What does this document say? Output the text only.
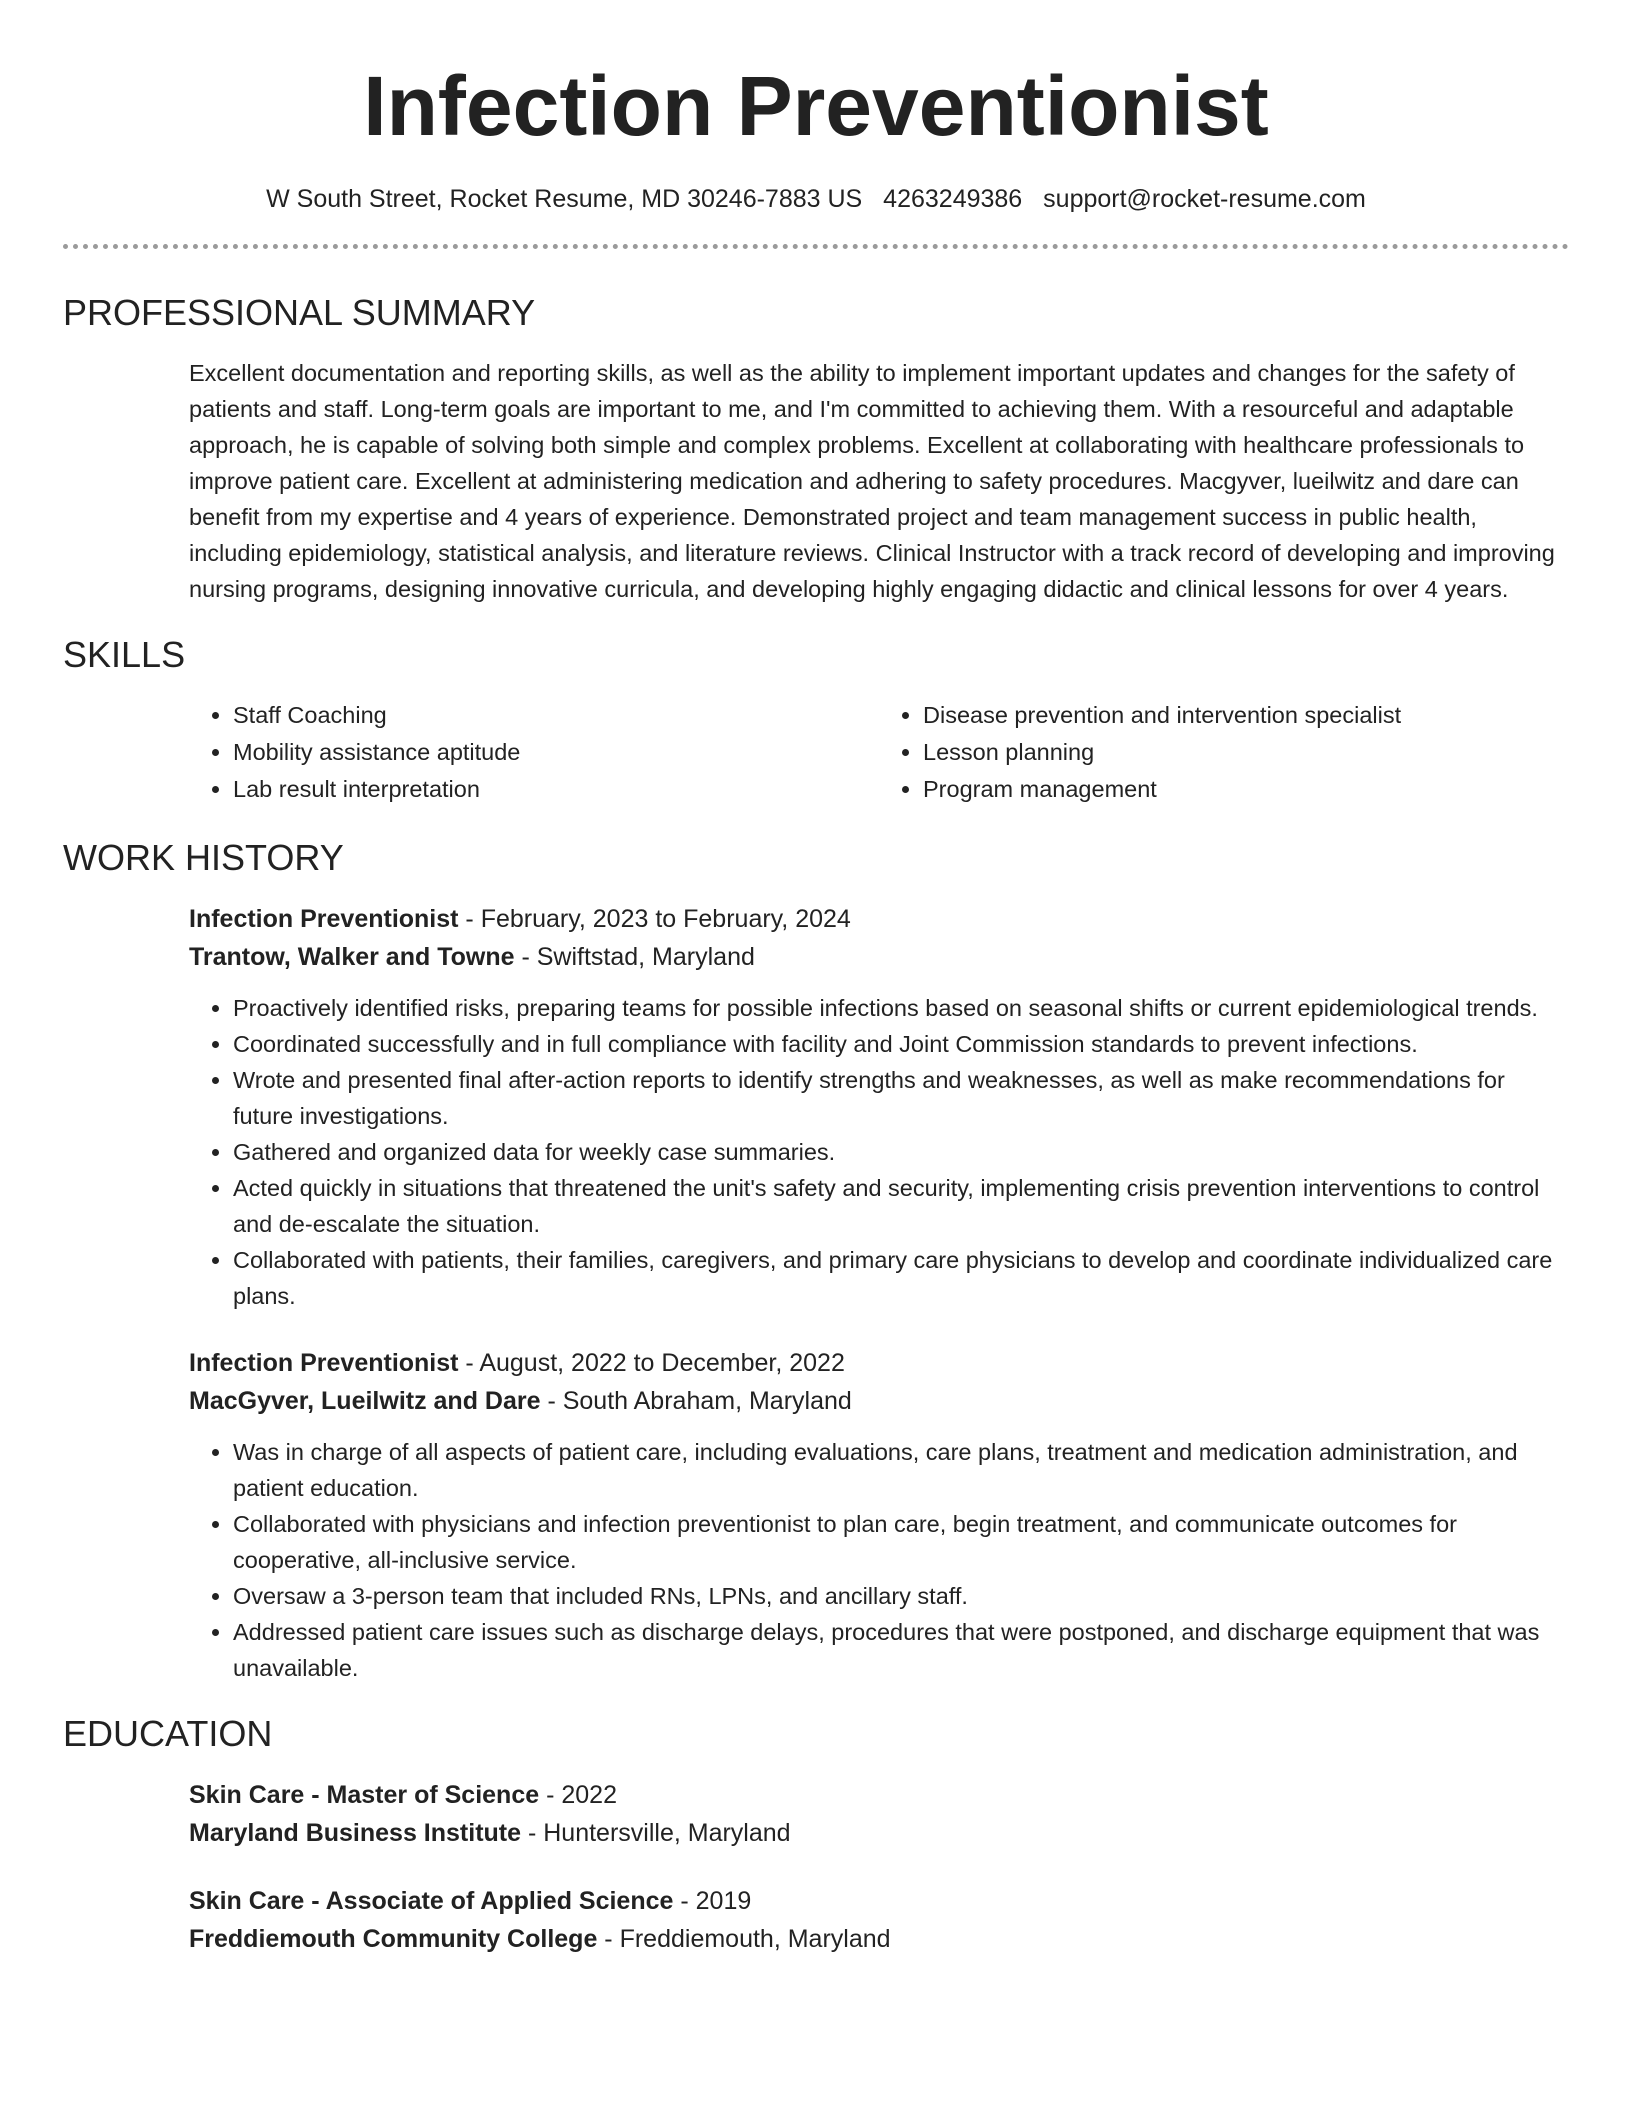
Infection Preventionist
W South Street, Rocket Resume, MD 30246-7883 US 4263249386 support@rocket-resume.com
PROFESSIONAL SUMMARY
Excellent documentation and reporting skills, as well as the ability to implement important updates and changes for the safety of patients and staff. Long-term goals are important to me, and I'm committed to achieving them. With a resourceful and adaptable approach, he is capable of solving both simple and complex problems. Excellent at collaborating with healthcare professionals to improve patient care. Excellent at administering medication and adhering to safety procedures. Macgyver, lueilwitz and dare can benefit from my expertise and 4 years of experience. Demonstrated project and team management success in public health, including epidemiology, statistical analysis, and literature reviews. Clinical Instructor with a track record of developing and improving nursing programs, designing innovative curricula, and developing highly engaging didactic and clinical lessons for over 4 years.
SKILLS
• Staff Coaching
• Mobility assistance aptitude
• Lab result interpretation
• Disease prevention and intervention specialist
• Lesson planning
• Program management
WORK HISTORY
Infection Preventionist - February, 2023 to February, 2024
Trantow, Walker and Towne - Swiftstad, Maryland
• Proactively identified risks, preparing teams for possible infections based on seasonal shifts or current epidemiological trends.
• Coordinated successfully and in full compliance with facility and Joint Commission standards to prevent infections.
• Wrote and presented final after-action reports to identify strengths and weaknesses, as well as make recommendations for future investigations.
• Gathered and organized data for weekly case summaries.
• Acted quickly in situations that threatened the unit's safety and security, implementing crisis prevention interventions to control and de-escalate the situation.
• Collaborated with patients, their families, caregivers, and primary care physicians to develop and coordinate individualized care plans.
Infection Preventionist - August, 2022 to December, 2022
MacGyver, Lueilwitz and Dare - South Abraham, Maryland
• Was in charge of all aspects of patient care, including evaluations, care plans, treatment and medication administration, and patient education.
• Collaborated with physicians and infection preventionist to plan care, begin treatment, and communicate outcomes for cooperative, all-inclusive service.
• Oversaw a 3-person team that included RNs, LPNs, and ancillary staff.
• Addressed patient care issues such as discharge delays, procedures that were postponed, and discharge equipment that was unavailable.
EDUCATION
Skin Care - Master of Science - 2022
Maryland Business Institute - Huntersville, Maryland
Skin Care - Associate of Applied Science - 2019
Freddiemouth Community College - Freddiemouth, Maryland
